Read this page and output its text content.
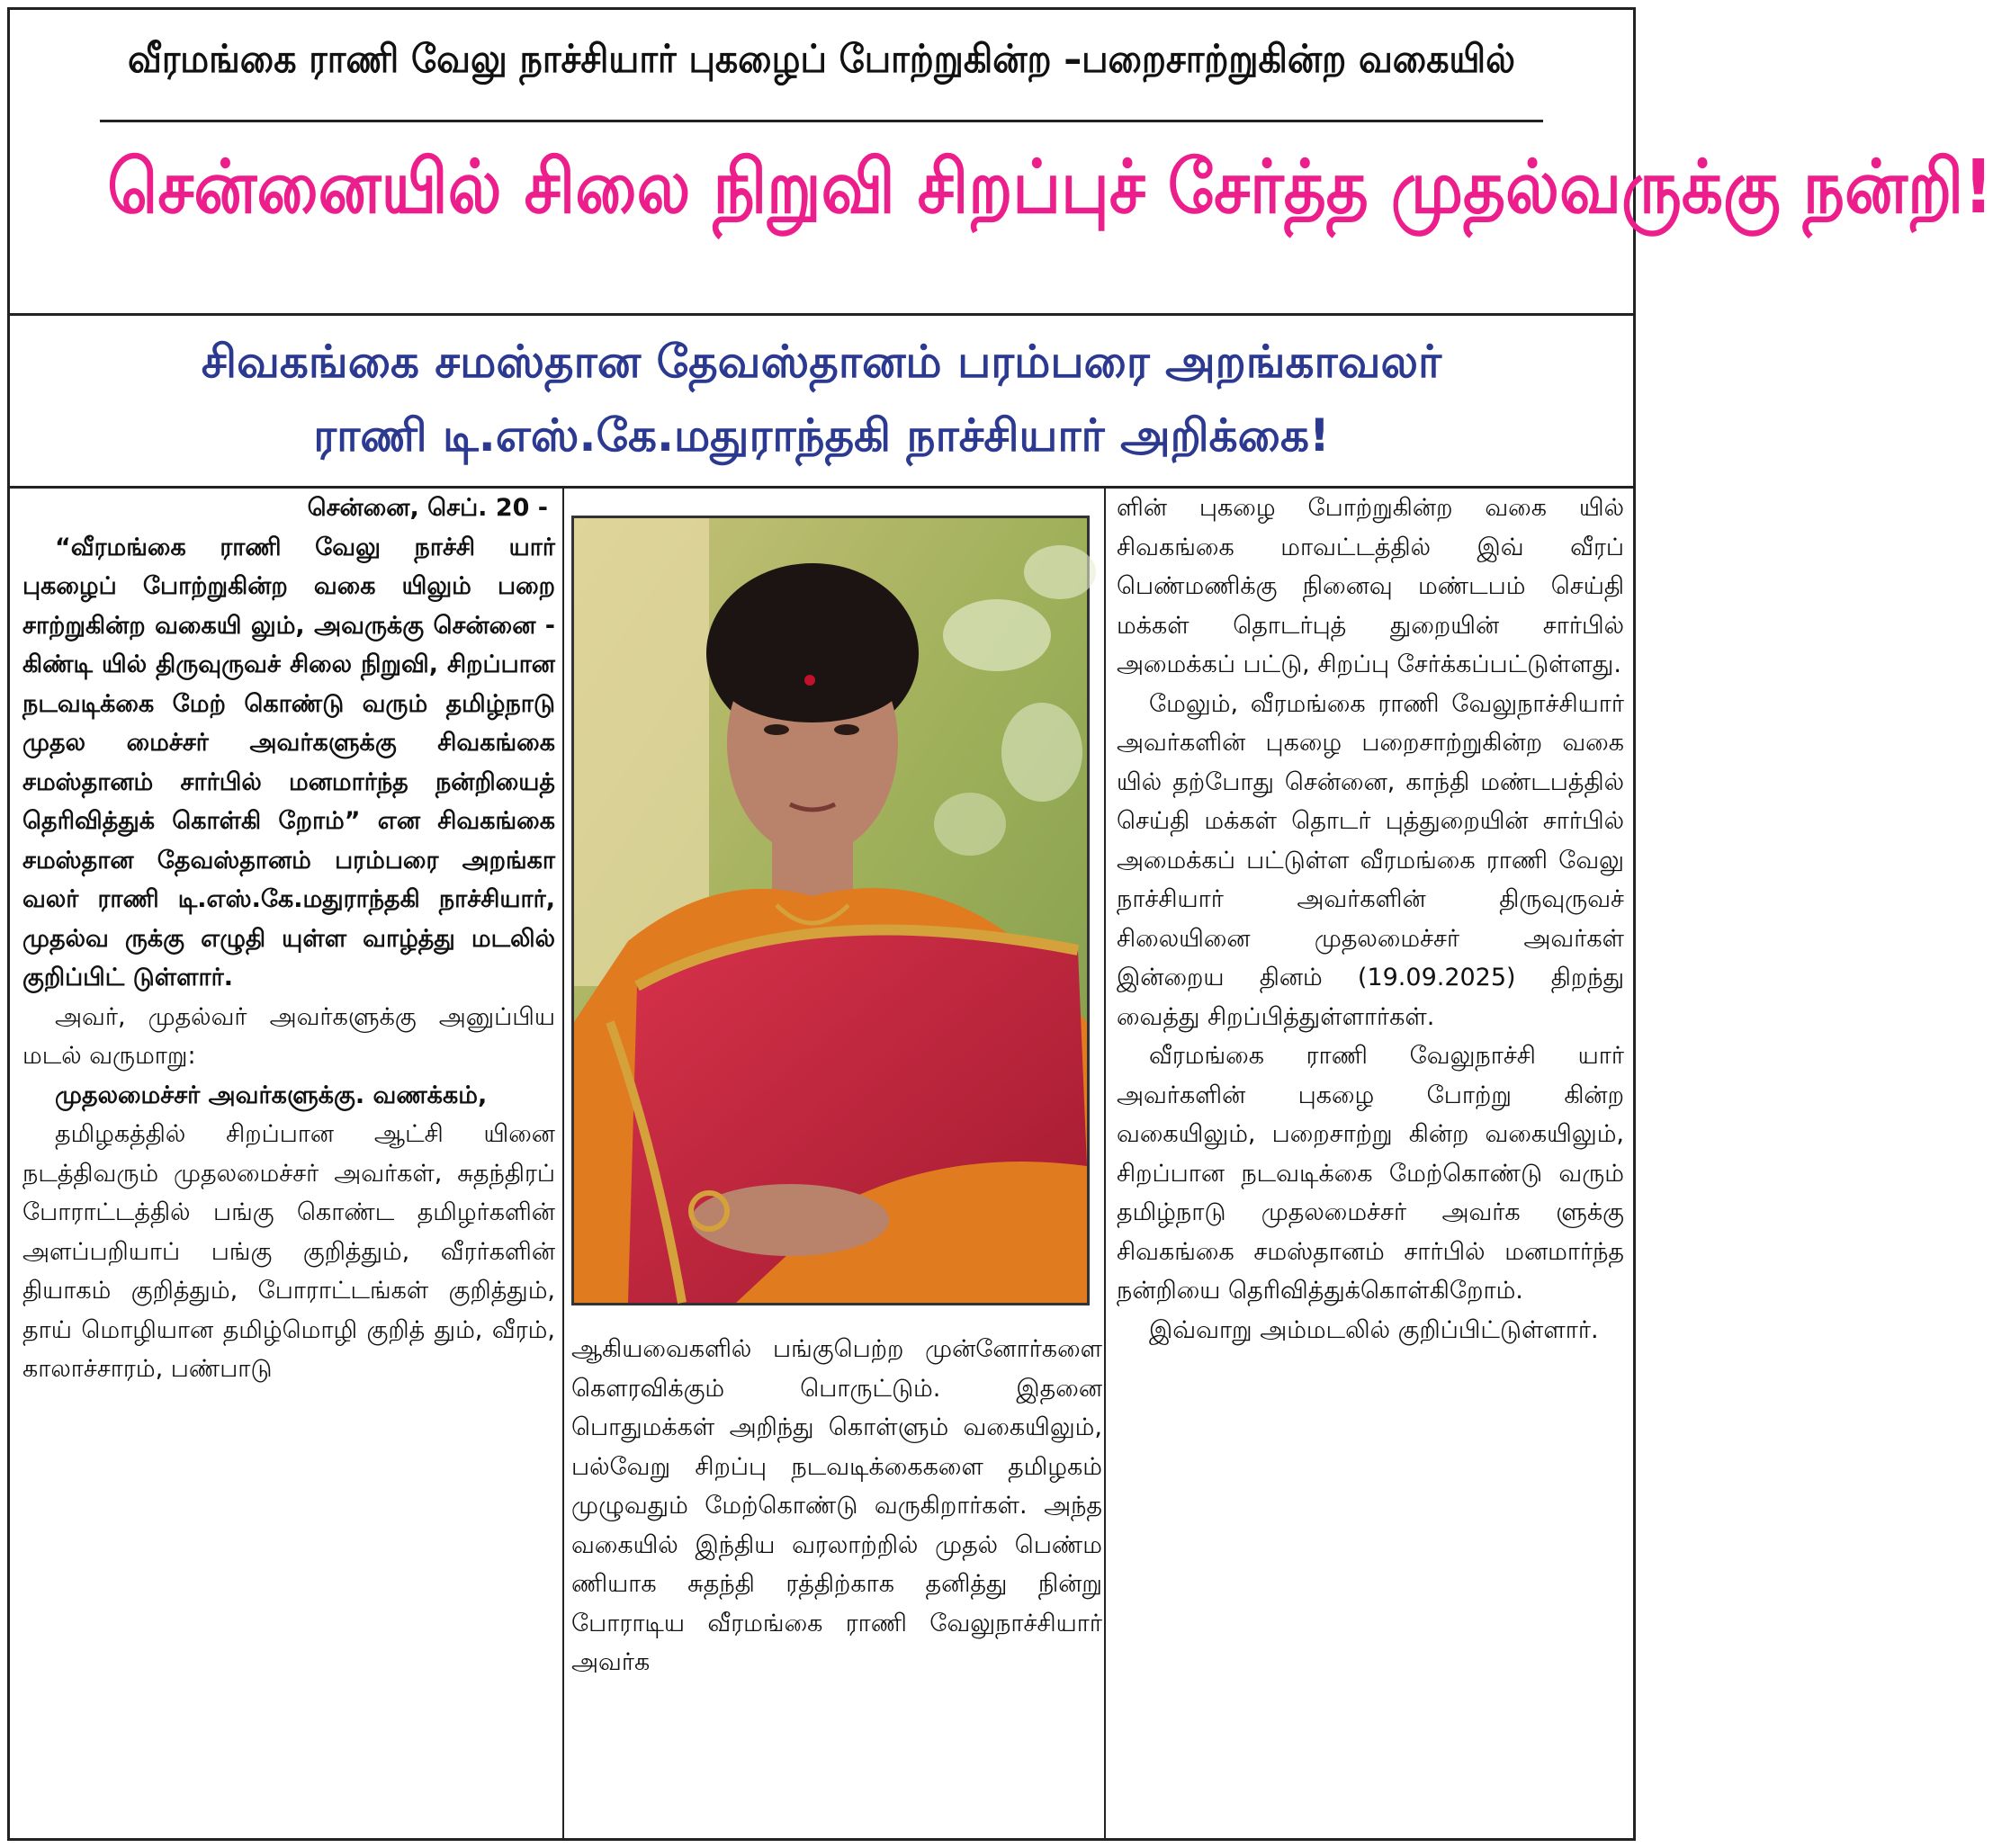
வீரமங்கை ராணி வேலு நாச்சியார் புகழைப் போற்றுகின்ற –பறைசாற்றுகின்ற வகையில்
சென்னையில் சிலை நிறுவி சிறப்புச் சேர்த்த முதல்வருக்கு நன்றி!
சிவகங்கை சமஸ்தான தேவஸ்தானம் பரம்பரை அறங்காவலர்
ராணி டி.எஸ்.கே.மதுராந்தகி நாச்சியார் அறிக்கை!

சென்னை, செப். 20 -

“வீரமங்கை ராணி வேலு நாச்சி யார் புகழைப் போற்றுகின்ற வகை யிலும் பறை சாற்றுகின்ற வகையி லும், அவருக்கு சென்னை - கிண்டி யில் திருவுருவச் சிலை நிறுவி, சிறப்பான நடவடிக்கை மேற் கொண்டு வரும் தமிழ்நாடு முதல மைச்சர் அவர்களுக்கு சிவகங்கை சமஸ்தானம் சார்பில் மனமார்ந்த நன்றியைத் தெரிவித்துக் கொள்கி றோம்” என சிவகங்கை சமஸ்தான தேவஸ்தானம் பரம்பரை அறங்கா வலர் ராணி டி.எஸ்.கே.மதுராந்தகி நாச்சியார், முதல்வ ருக்கு எழுதி யுள்ள வாழ்த்து மடலில் குறிப்பிட் டுள்ளார்.

அவர், முதல்வர் அவர்களுக்கு அனுப்பிய மடல் வருமாறு:

முதலமைச்சர் அவர்களுக்கு. வணக்கம்,

தமிழகத்தில் சிறப்பான ஆட்சி யினை நடத்திவரும் முதலமைச்சர் அவர்கள், சுதந்திரப் போராட்டத்தில் பங்கு கொண்ட தமிழர்களின் அளப்பறியாப் பங்கு குறித்தும், வீரர்களின் தியாகம் குறித்தும், போராட்டங்கள் குறித்தும், தாய் மொழியான தமிழ்மொழி குறித் தும், வீரம், காலாச்சாரம், பண்பாடு

ஆகியவைகளில் பங்குபெற்ற முன்னோர்களை கௌரவிக்கும் பொருட்டும். இதனை பொதுமக்கள் அறிந்து கொள்ளும் வகையிலும், பல்வேறு சிறப்பு நடவடிக்கைகளை தமிழகம் முழுவதும் மேற்கொண்டு வருகிறார்கள். அந்த வகையில் இந்திய வரலாற்றில் முதல் பெண்ம ணியாக சுதந்தி ரத்திற்காக தனித்து நின்று போராடிய வீரமங்கை ராணி வேலுநாச்சியார் அவர்க

ளின் புகழை போற்றுகின்ற வகை யில் சிவகங்கை மாவட்டத்தில் இவ் வீரப் பெண்மணிக்கு நினைவு மண்டபம் செய்தி மக்கள் தொடர்புத் துறையின் சார்பில் அமைக்கப் பட்டு, சிறப்பு சேர்க்கப்பட்டுள்ளது.

மேலும், வீரமங்கை ராணி வேலுநாச்சியார் அவர்களின் புகழை பறைசாற்றுகின்ற வகை யில் தற்போது சென்னை, காந்தி மண்டபத்தில் செய்தி மக்கள் தொடர் புத்துறையின் சார்பில் அமைக்கப் பட்டுள்ள வீரமங்கை ராணி வேலு நாச்சியார் அவர்களின் திருவுருவச் சிலையினை முதலமைச்சர் அவர்கள் இன்றைய தினம் (19.09.2025) திறந்து வைத்து சிறப்பித்துள்ளார்கள்.

வீரமங்கை ராணி வேலுநாச்சி யார் அவர்களின் புகழை போற்று கின்ற வகையிலும், பறைசாற்று கின்ற வகையிலும், சிறப்பான நடவடிக்கை மேற்கொண்டு வரும் தமிழ்நாடு முதலமைச்சர் அவர்க ளுக்கு சிவகங்கை சமஸ்தானம் சார்பில் மனமார்ந்த நன்றியை தெரிவித்துக்கொள்கிறோம்.

இவ்வாறு அம்மடலில் குறிப்பிட்டுள்ளார்.
